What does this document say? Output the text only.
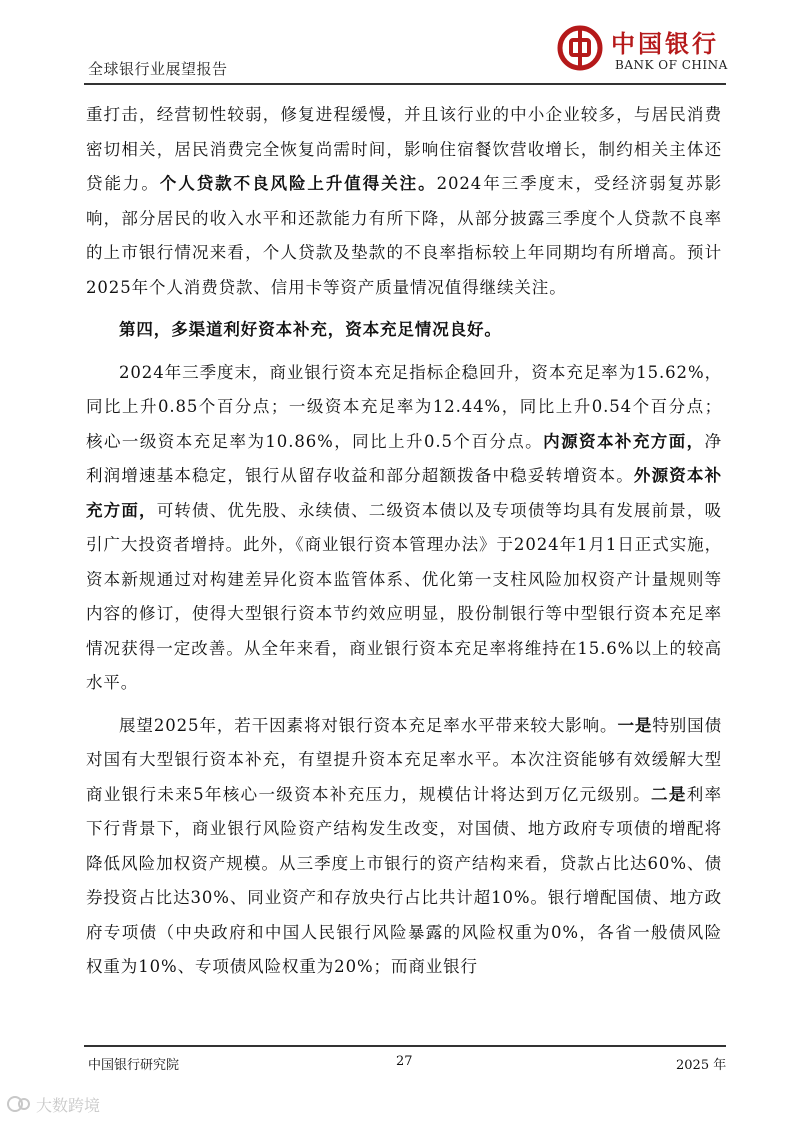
全球银行业展望报告
中国银行
BANK OF CHINA

重打击，经营韧性较弱，修复进程缓慢，并且该行业的中小企业较多，与居民消费密切相关，居民消费完全恢复尚需时间，影响住宿餐饮营收增长，制约相关主体还贷能力。个人贷款不良风险上升值得关注。2024年三季度末，受经济弱复苏影响，部分居民的收入水平和还款能力有所下降，从部分披露三季度个人贷款不良率的上市银行情况来看，个人贷款及垫款的不良率指标较上年同期均有所增高。预计2025年个人消费贷款、信用卡等资产质量情况值得继续关注。

第四，多渠道利好资本补充，资本充足情况良好。

2024年三季度末，商业银行资本充足指标企稳回升，资本充足率为15.62%，同比上升0.85个百分点；一级资本充足率为12.44%，同比上升0.54个百分点；核心一级资本充足率为10.86%，同比上升0.5个百分点。内源资本补充方面，净利润增速基本稳定，银行从留存收益和部分超额拨备中稳妥转增资本。外源资本补充方面，可转债、优先股、永续债、二级资本债以及专项债等均具有发展前景，吸引广大投资者增持。此外，《商业银行资本管理办法》于2024年1月1日正式实施，资本新规通过对构建差异化资本监管体系、优化第一支柱风险加权资产计量规则等内容的修订，使得大型银行资本节约效应明显，股份制银行等中型银行资本充足率情况获得一定改善。从全年来看，商业银行资本充足率将维持在15.6%以上的较高水平。

展望2025年，若干因素将对银行资本充足率水平带来较大影响。一是特别国债对国有大型银行资本补充，有望提升资本充足率水平。本次注资能够有效缓解大型商业银行未来5年核心一级资本补充压力，规模估计将达到万亿元级别。二是利率下行背景下，商业银行风险资产结构发生改变，对国债、地方政府专项债的增配将降低风险加权资产规模。从三季度上市银行的资产结构来看，贷款占比达60%、债券投资占比达30%、同业资产和存放央行占比共计超10%。银行增配国债、地方政府专项债（中央政府和中国人民银行风险暴露的风险权重为0%，各省一般债风险权重为10%、专项债风险权重为20%；而商业银行

中国银行研究院	27	2025 年
大数跨境
